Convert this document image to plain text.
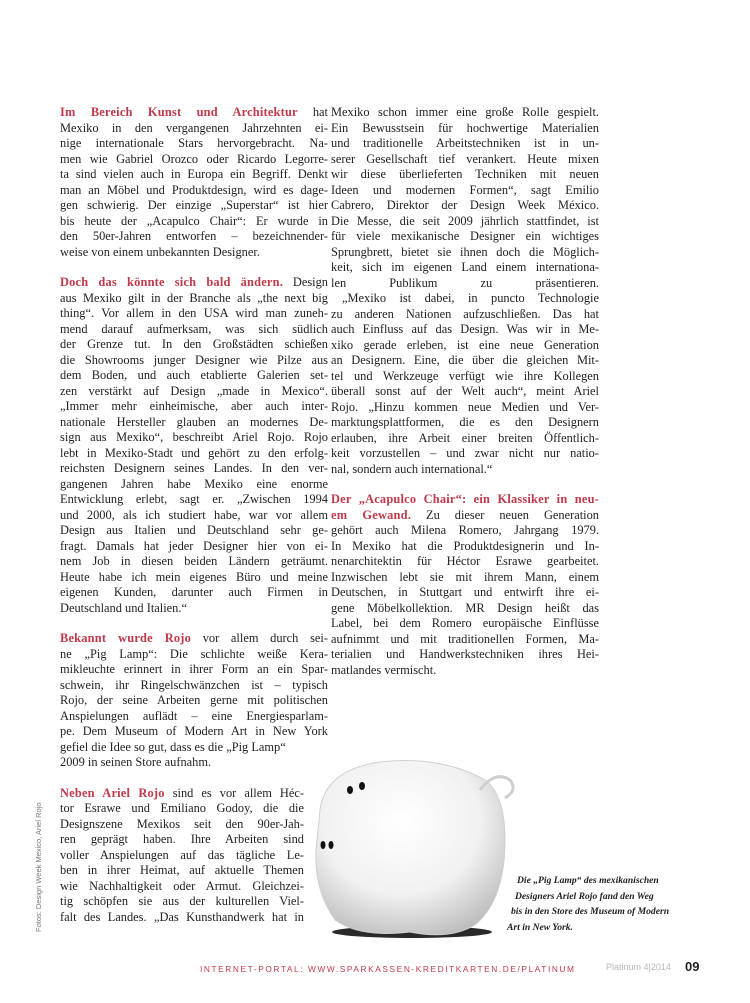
Im Bereich Kunst und Architektur hat
Mexiko in den vergangenen Jahrzehnten ei-
nige internationale Stars hervorgebracht. Na-
men wie Gabriel Orozco oder Ricardo Legorre-
ta sind vielen auch in Europa ein Begriff. Denkt
man an Möbel und Produktdesign, wird es dage-
gen schwierig. Der einzige „Superstar“ ist hier
bis heute der „Acapulco Chair“: Er wurde in
den 50er-Jahren entworfen – bezeichnender-
weise von einem unbekannten Designer.
Doch das könnte sich bald ändern. Design
aus Mexiko gilt in der Branche als „the next big
thing“. Vor allem in den USA wird man zuneh-
mend darauf aufmerksam, was sich südlich
der Grenze tut. In den Großstädten schießen
die Showrooms junger Designer wie Pilze aus
dem Boden, und auch etablierte Galerien set-
zen verstärkt auf Design „made in Mexico“.
„Immer mehr einheimische, aber auch inter-
nationale Hersteller glauben an modernes De-
sign aus Mexiko“, beschreibt Ariel Rojo. Rojo
lebt in Mexiko-Stadt und gehört zu den erfolg-
reichsten Designern seines Landes. In den ver-
gangenen Jahren habe Mexiko eine enorme
Entwicklung erlebt, sagt er. „Zwischen 1994
und 2000, als ich studiert habe, war vor allem
Design aus Italien und Deutschland sehr ge-
fragt. Damals hat jeder Designer hier von ei-
nem Job in diesen beiden Ländern geträumt.
Heute habe ich mein eigenes Büro und meine
eigenen Kunden, darunter auch Firmen in
Deutschland und Italien.“
Bekannt wurde Rojo vor allem durch sei-
ne „Pig Lamp“: Die schlichte weiße Kera-
mikleuchte erinnert in ihrer Form an ein Spar-
schwein, ihr Ringelschwänzchen ist – typisch
Rojo, der seine Arbeiten gerne mit politischen
Anspielungen auflädt – eine Energiesparlam-
pe. Dem Museum of Modern Art in New York
gefiel die Idee so gut, dass es die „Pig Lamp“
2009 in seinen Store aufnahm.
Neben Ariel Rojo sind es vor allem Héc-
tor Esrawe und Emiliano Godoy, die die
Designszene Mexikos seit den 90er-Jah-
ren geprägt haben. Ihre Arbeiten sind
voller Anspielungen auf das tägliche Le-
ben in ihrer Heimat, auf aktuelle Themen
wie Nachhaltigkeit oder Armut. Gleichzei-
tig schöpfen sie aus der kulturellen Viel-
falt des Landes. „Das Kunsthandwerk hat in
Mexiko schon immer eine große Rolle gespielt.
Ein Bewusstsein für hochwertige Materialien
und traditionelle Arbeitstechniken ist in un-
serer Gesellschaft tief verankert. Heute mixen
wir diese überlieferten Techniken mit neuen
Ideen und modernen Formen“, sagt Emilio
Cabrero, Direktor der Design Week México.
Die Messe, die seit 2009 jährlich stattfindet, ist
für viele mexikanische Designer ein wichtiges
Sprungbrett, bietet sie ihnen doch die Möglich-
keit, sich im eigenen Land einem internationa-
len Publikum zu präsentieren.
„Mexiko ist dabei, in puncto Technologie
zu anderen Nationen aufzuschließen. Das hat
auch Einfluss auf das Design. Was wir in Me-
xiko gerade erleben, ist eine neue Generation
an Designern. Eine, die über die gleichen Mit-
tel und Werkzeuge verfügt wie ihre Kollegen
überall sonst auf der Welt auch“, meint Ariel
Rojo. „Hinzu kommen neue Medien und Ver-
marktungsplattformen, die es den Designern
erlauben, ihre Arbeit einer breiten Öffentlich-
keit vorzustellen – und zwar nicht nur natio-
nal, sondern auch international.“
Der „Acapulco Chair“: ein Klassiker in neu-
em Gewand. Zu dieser neuen Generation
gehört auch Milena Romero, Jahrgang 1979.
In Mexiko hat die Produktdesignerin und In-
nenarchitektin für Héctor Esrawe gearbeitet.
Inzwischen lebt sie mit ihrem Mann, einem
Deutschen, in Stuttgart und entwirft ihre ei-
gene Möbelkollektion. MR Design heißt das
Label, bei dem Romero europäische Einflüsse
aufnimmt und mit traditionellen Formen, Ma-
terialien und Handwerkstechniken ihres Hei-
matlandes vermischt.
Die „Pig Lamp“ des mexikanischen
Designers Ariel Rojo fand den Weg
bis in den Store des Museum of Modern
Art in New York.
Fotos: Design Week Mexico, Ariel Rojo
INTERNET-PORTAL: WWW.SPARKASSEN-KREDITKARTEN.DE/PLATINUM	Platinum 4|2014 09
